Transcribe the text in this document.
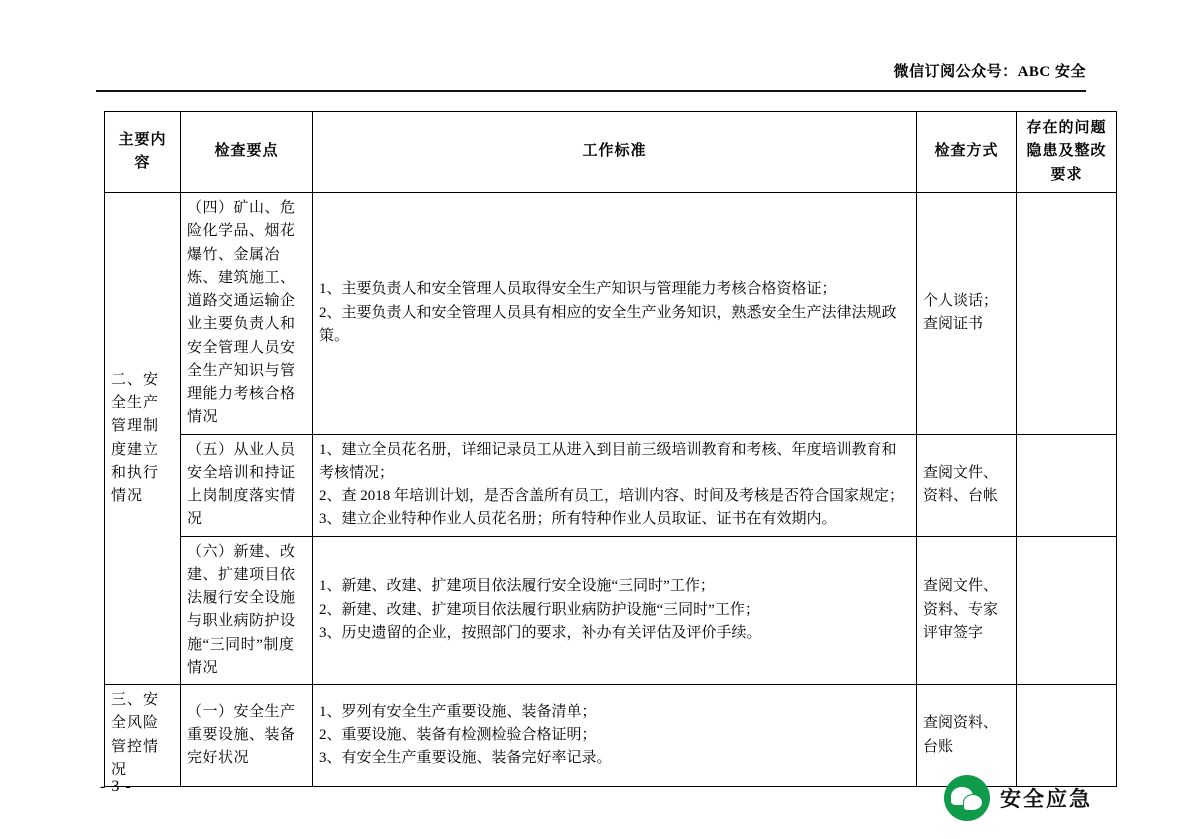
微信订阅公众号：ABC 安全
主要内容	检查要点	工作标准	检查方式	存在的问题隐患及整改要求
二、安全生产管理制度建立和执行情况	（四）矿山、危险化学品、烟花爆竹、金属冶炼、建筑施工、道路交通运输企业主要负责人和安全管理人员安全生产知识与管理能力考核合格情况	1、主要负责人和安全管理人员取得安全生产知识与管理能力考核合格资格证；
2、主要负责人和安全管理人员具有相应的安全生产业务知识，熟悉安全生产法律法规政策。	个人谈话；查阅证书	
	（五）从业人员安全培训和持证上岗制度落实情况	1、建立全员花名册，详细记录员工从进入到目前三级培训教育和考核、年度培训教育和考核情况；
2、查 2018 年培训计划，是否含盖所有员工，培训内容、时间及考核是否符合国家规定；
3、建立企业特种作业人员花名册；所有特种作业人员取证、证书在有效期内。	查阅文件、资料、台帐	
	（六）新建、改建、扩建项目依法履行安全设施与职业病防护设施“三同时”制度情况	1、新建、改建、扩建项目依法履行安全设施“三同时”工作；
2、新建、改建、扩建项目依法履行职业病防护设施“三同时”工作；
3、历史遗留的企业，按照部门的要求，补办有关评估及评价手续。	查阅文件、资料、专家评审签字	
三、安全风险管控情况	（一）安全生产重要设施、装备完好状况	1、罗列有安全生产重要设施、装备清单；
2、重要设施、装备有检测检验合格证明；
3、有安全生产重要设施、装备完好率记录。	查阅资料、台账	
- 3 -
安全应急
